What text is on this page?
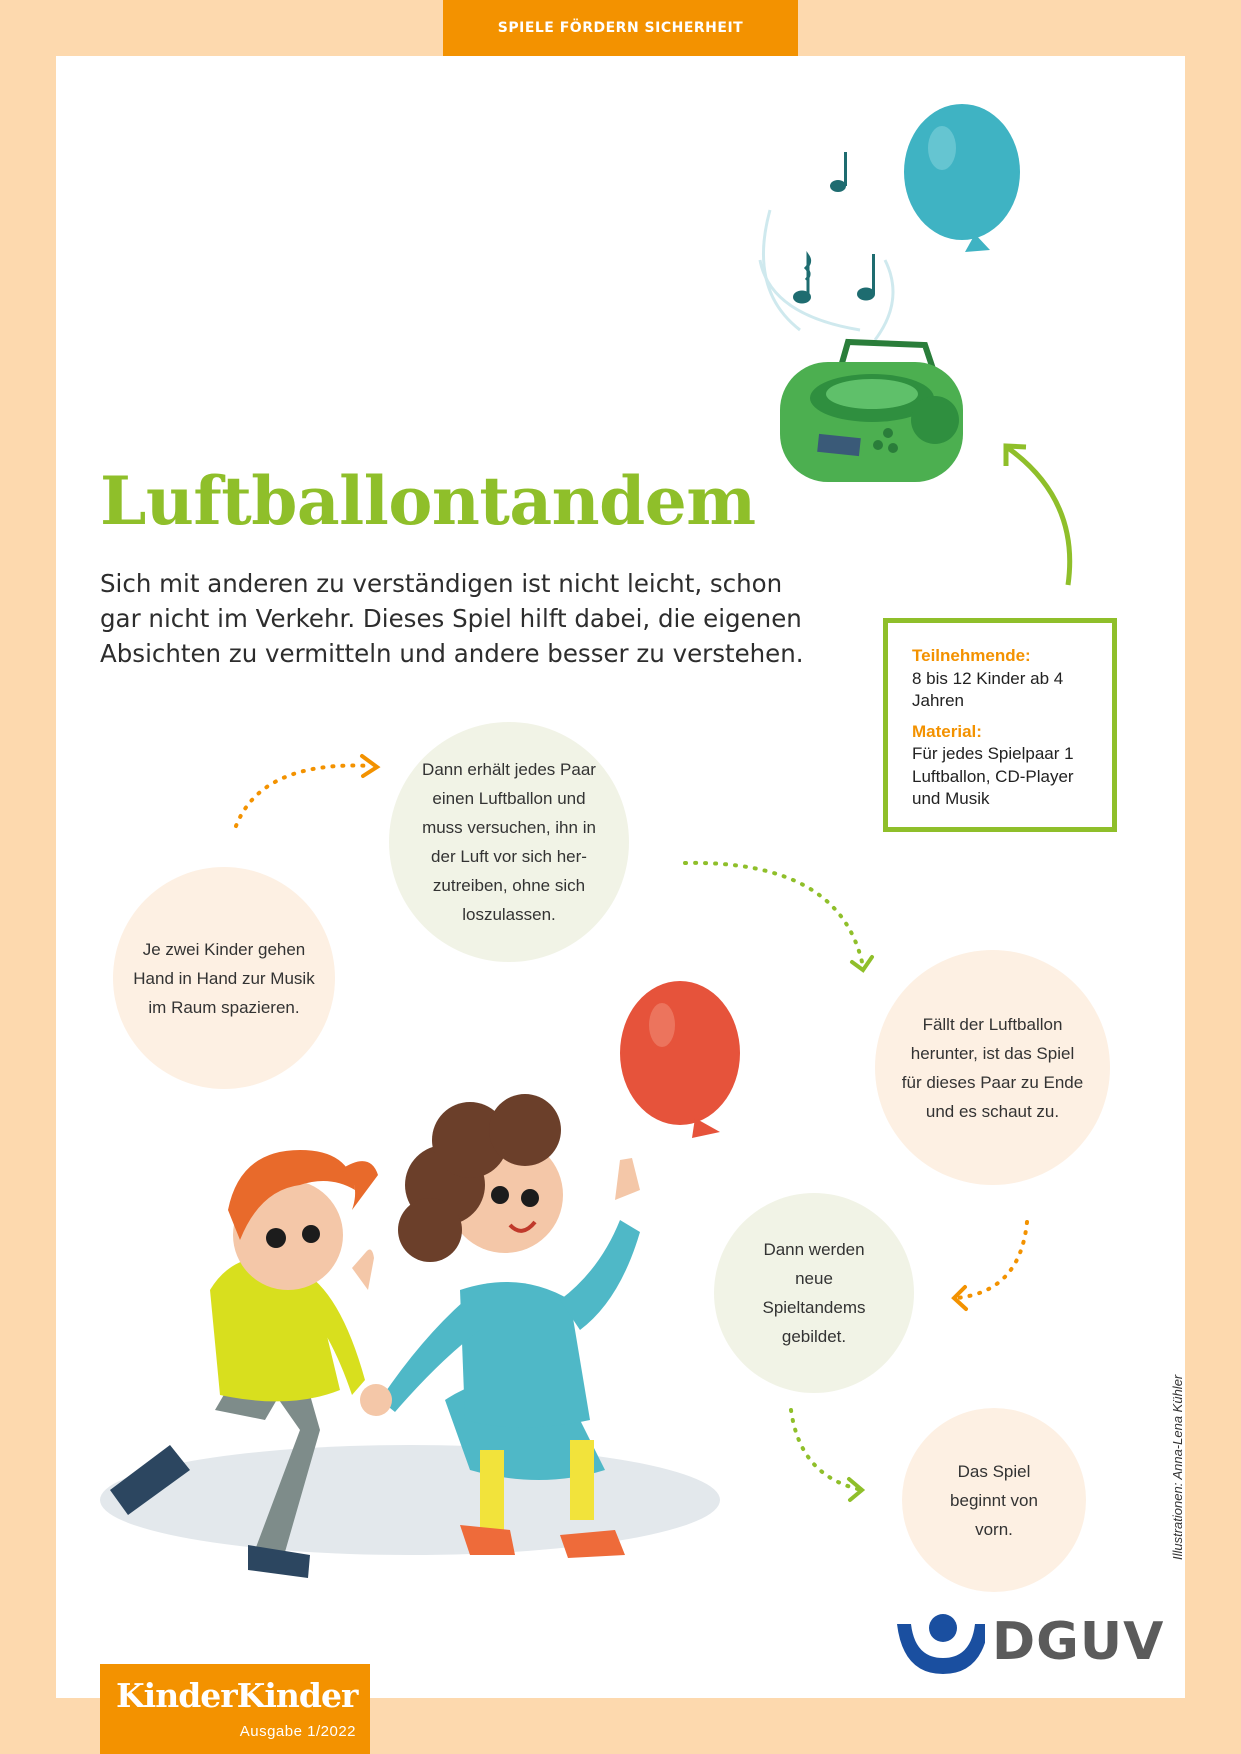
SPIELE FÖRDERN SICHERHEIT
Luftballontandem

Sich mit anderen zu verständigen ist nicht leicht, schon gar nicht im Verkehr. Dieses Spiel hilft dabei, die eigenen Absichten zu vermitteln und andere besser zu verstehen.	Teilnehmende:
8 bis 12 Kinder ab 4 Jahren
Material:
Für jedes Spielpaar 1 Luftballon, CD-Player und Musik
Je zwei Kinder gehen Hand in Hand zur Musik im Raum spazieren.
Dann erhält jedes Paar einen Luftballon und muss versuchen, ihn in der Luft vor sich her-zutreiben, ohne sich loszulassen.
Fällt der Luftballon herunter, ist das Spiel für dieses Paar zu Ende und es schaut zu.
Dann werden neue Spieltandems gebildet.
Das Spiel beginnt von vorn.	Illustrationen: Anna-Lena Kühler
KinderKinder
Ausgabe 1/2022
DGUV
